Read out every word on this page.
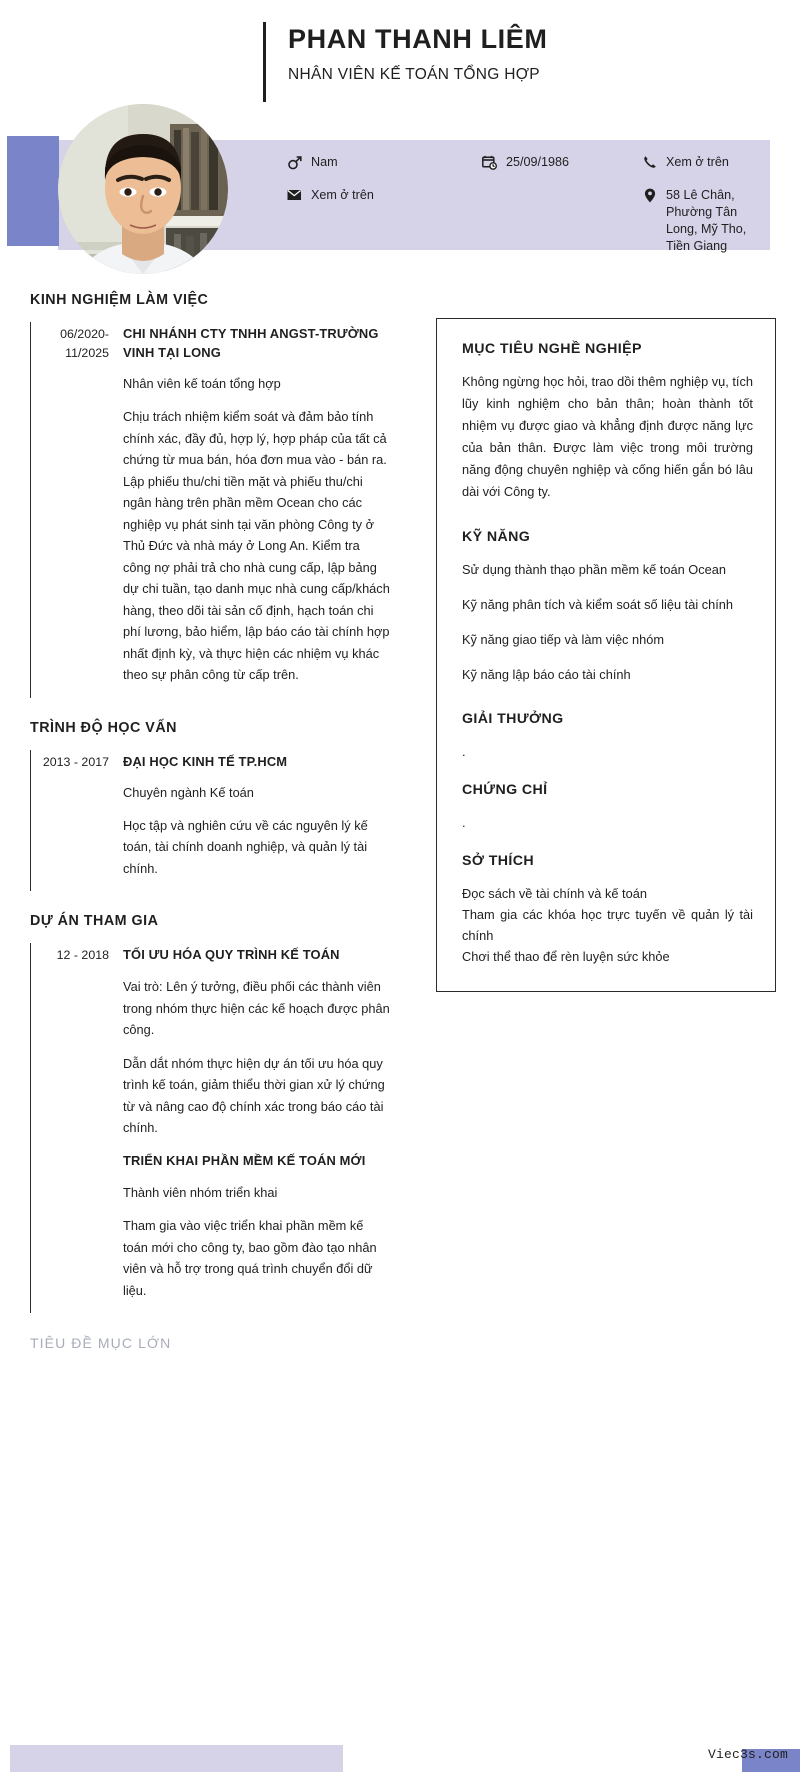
PHAN THANH LIÊM
NHÂN VIÊN KẾ TOÁN TỔNG HỢP
Nam	25/09/1986	Xem ở trên
Xem ở trên	58 Lê Chân, Phường Tân Long, Mỹ Tho, Tiền Giang
KINH NGHIỆM LÀM VIỆC
06/2020-11/2025
CHI NHÁNH CTY TNHH ANGST-TRƯỜNG VINH TẠI LONG
Nhân viên kế toán tổng hợp
Chịu trách nhiệm kiểm soát và đảm bảo tính chính xác, đầy đủ, hợp lý, hợp pháp của tất cả chứng từ mua bán, hóa đơn mua vào - bán ra. Lập phiếu thu/chi tiền mặt và phiếu thu/chi ngân hàng trên phần mềm Ocean cho các nghiệp vụ phát sinh tại văn phòng Công ty ở Thủ Đức và nhà máy ở Long An. Kiểm tra công nợ phải trả cho nhà cung cấp, lập bảng dự chi tuần, tạo danh mục nhà cung cấp/khách hàng, theo dõi tài sản cố định, hạch toán chi phí lương, bảo hiểm, lập báo cáo tài chính hợp nhất định kỳ, và thực hiện các nhiệm vụ khác theo sự phân công từ cấp trên.
TRÌNH ĐỘ HỌC VẤN
2013 - 2017	ĐẠI HỌC KINH TẾ TP.HCM
Chuyên ngành Kế toán
Học tập và nghiên cứu về các nguyên lý kế toán, tài chính doanh nghiệp, và quản lý tài chính.
DỰ ÁN THAM GIA
12 - 2018	TỐI ƯU HÓA QUY TRÌNH KẾ TOÁN
Vai trò: Lên ý tưởng, điều phối các thành viên trong nhóm thực hiện các kế hoạch được phân công.
Dẫn dắt nhóm thực hiện dự án tối ưu hóa quy trình kế toán, giảm thiểu thời gian xử lý chứng từ và nâng cao độ chính xác trong báo cáo tài chính.
TRIỂN KHAI PHẦN MỀM KẾ TOÁN MỚI
Thành viên nhóm triển khai
Tham gia vào việc triển khai phần mềm kế toán mới cho công ty, bao gồm đào tạo nhân viên và hỗ trợ trong quá trình chuyển đổi dữ liệu.
TIÊU ĐỀ MỤC LỚN
MỤC TIÊU NGHỀ NGHIỆP
Không ngừng học hỏi, trao dồi thêm nghiệp vụ, tích lũy kinh nghiệm cho bản thân; hoàn thành tốt nhiệm vụ được giao và khẳng định được năng lực của bản thân. Được làm việc trong môi trường năng động chuyên nghiệp và cống hiến gắn bó lâu dài với Công ty.
KỸ NĂNG
Sử dụng thành thạo phần mềm kế toán Ocean
Kỹ năng phân tích và kiểm soát số liệu tài chính
Kỹ năng giao tiếp và làm việc nhóm
Kỹ năng lập báo cáo tài chính
GIẢI THƯỞNG
.
CHỨNG CHỈ
.
SỞ THÍCH
Đọc sách về tài chính và kế toán
Tham gia các khóa học trực tuyến về quản lý tài chính
Chơi thể thao để rèn luyện sức khỏe
Viec3s.com
